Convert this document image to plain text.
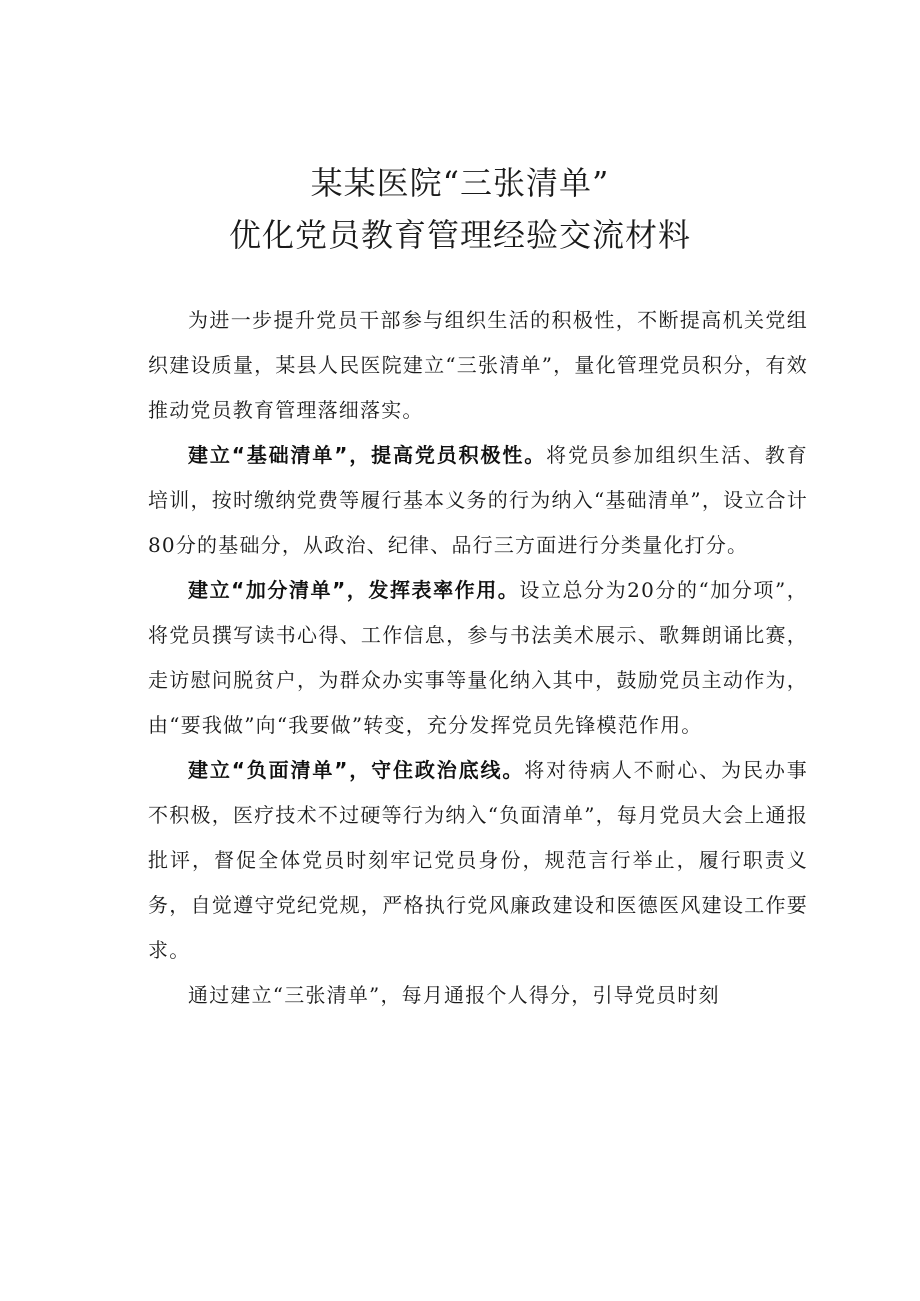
某某医院“三张清单”
优化党员教育管理经验交流材料

为进一步提升党员干部参与组织生活的积极性，不断提高机关党组织建设质量，某县人民医院建立“三张清单”，量化管理党员积分，有效推动党员教育管理落细落实。

建立“基础清单”，提高党员积极性。将党员参加组织生活、教育培训，按时缴纳党费等履行基本义务的行为纳入“基础清单”，设立合计80分的基础分，从政治、纪律、品行三方面进行分类量化打分。

建立“加分清单”，发挥表率作用。设立总分为20分的“加分项”，将党员撰写读书心得、工作信息，参与书法美术展示、歌舞朗诵比赛，走访慰问脱贫户，为群众办实事等量化纳入其中，鼓励党员主动作为，由“要我做”向“我要做”转变，充分发挥党员先锋模范作用。

建立“负面清单”，守住政治底线。将对待病人不耐心、为民办事不积极，医疗技术不过硬等行为纳入“负面清单”，每月党员大会上通报批评，督促全体党员时刻牢记党员身份，规范言行举止，履行职责义务，自觉遵守党纪党规，严格执行党风廉政建设和医德医风建设工作要求。

通过建立“三张清单”，每月通报个人得分，引导党员时刻
